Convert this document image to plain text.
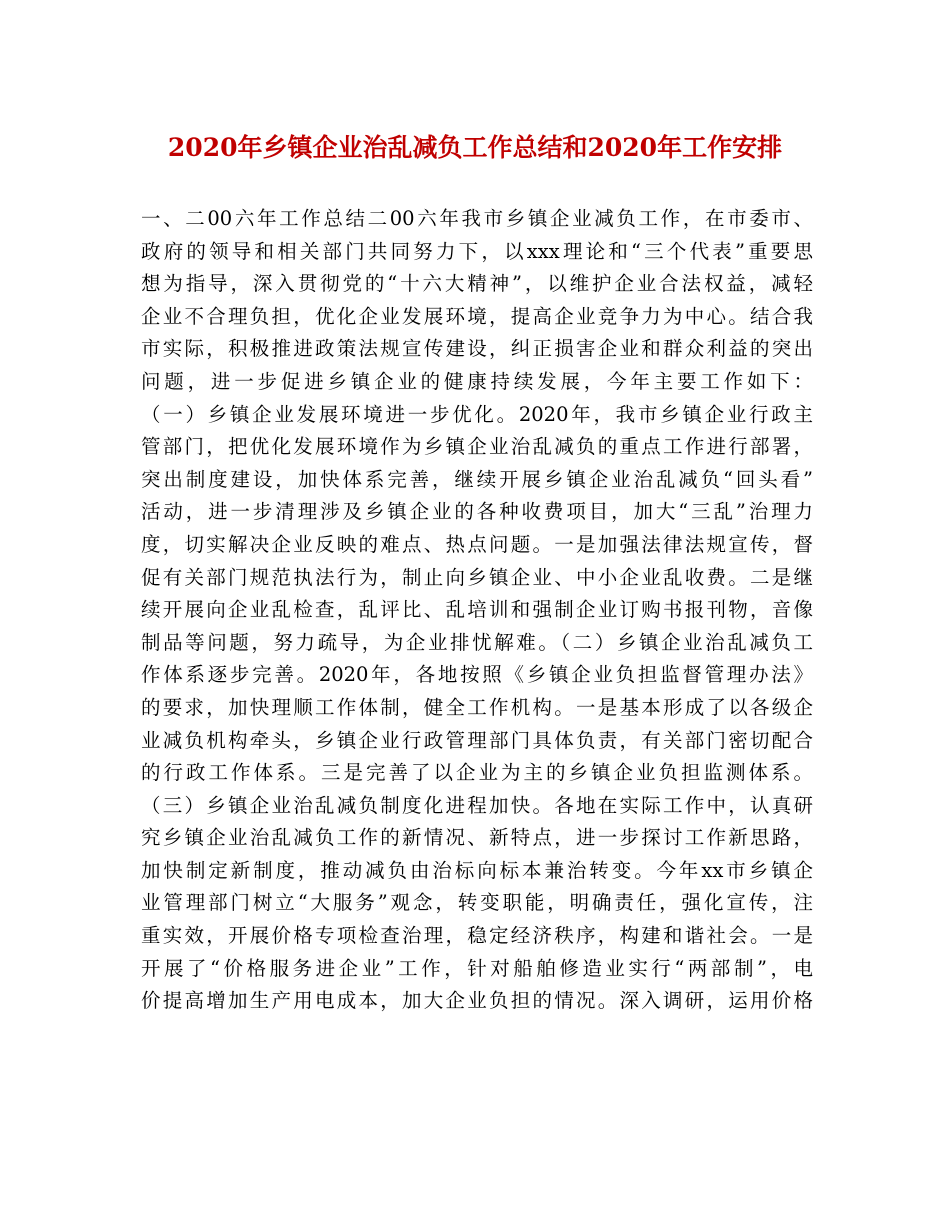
2020年乡镇企业治乱减负工作总结和2020年工作安排
一、二00六年工作总结二00六年我市乡镇企业减负工作，在市委市、
政府的领导和相关部门共同努力下，以xxx理论和“三个代表”重要思
想为指导，深入贯彻党的“十六大精神”，以维护企业合法权益，减轻
企业不合理负担，优化企业发展环境，提高企业竞争力为中心。结合我
市实际，积极推进政策法规宣传建设，纠正损害企业和群众利益的突出
问题，进一步促进乡镇企业的健康持续发展，今年主要工作如下：
（一）乡镇企业发展环境进一步优化。2020年，我市乡镇企业行政主
管部门，把优化发展环境作为乡镇企业治乱减负的重点工作进行部署，
突出制度建设，加快体系完善，继续开展乡镇企业治乱减负“回头看”
活动，进一步清理涉及乡镇企业的各种收费项目，加大“三乱”治理力
度，切实解决企业反映的难点、热点问题。一是加强法律法规宣传，督
促有关部门规范执法行为，制止向乡镇企业、中小企业乱收费。二是继
续开展向企业乱检查，乱评比、乱培训和强制企业订购书报刊物，音像
制品等问题，努力疏导，为企业排忧解难。（二）乡镇企业治乱减负工
作体系逐步完善。2020年，各地按照《乡镇企业负担监督管理办法》
的要求，加快理顺工作体制，健全工作机构。一是基本形成了以各级企
业减负机构牵头，乡镇企业行政管理部门具体负责，有关部门密切配合
的行政工作体系。三是完善了以企业为主的乡镇企业负担监测体系。
（三）乡镇企业治乱减负制度化进程加快。各地在实际工作中，认真研
究乡镇企业治乱减负工作的新情况、新特点，进一步探讨工作新思路，
加快制定新制度，推动减负由治标向标本兼治转变。今年xx市乡镇企
业管理部门树立“大服务”观念，转变职能，明确责任，强化宣传，注
重实效，开展价格专项检查治理，稳定经济秩序，构建和谐社会。一是
开展了“价格服务进企业”工作，针对船舶修造业实行“两部制”，电
价提高增加生产用电成本，加大企业负担的情况。深入调研，运用价格
